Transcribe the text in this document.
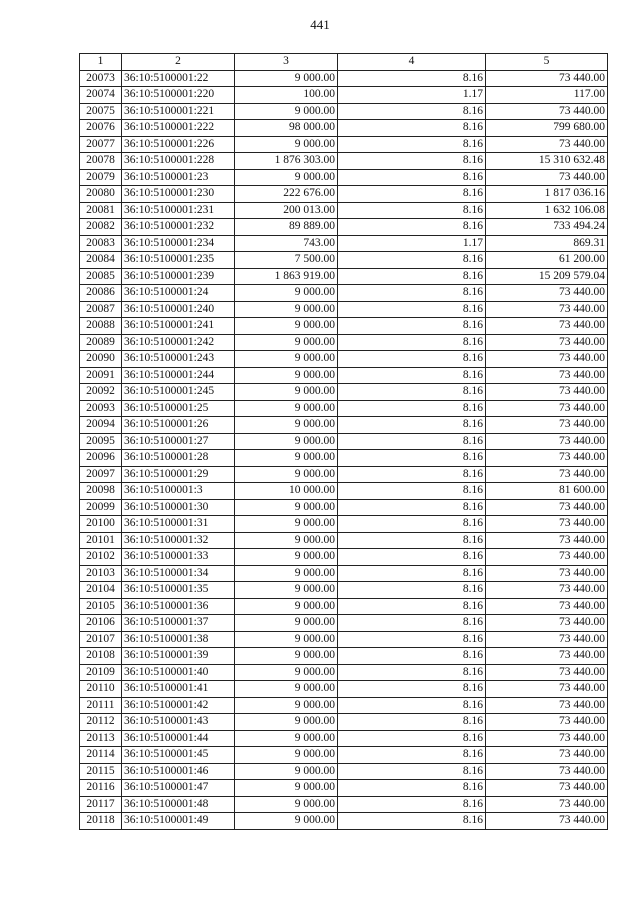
441
1	2	3	4	5
20073	36:10:5100001:22	9 000.00	8.16	73 440.00
20074	36:10:5100001:220	100.00	1.17	117.00
20075	36:10:5100001:221	9 000.00	8.16	73 440.00
20076	36:10:5100001:222	98 000.00	8.16	799 680.00
20077	36:10:5100001:226	9 000.00	8.16	73 440.00
20078	36:10:5100001:228	1 876 303.00	8.16	15 310 632.48
20079	36:10:5100001:23	9 000.00	8.16	73 440.00
20080	36:10:5100001:230	222 676.00	8.16	1 817 036.16
20081	36:10:5100001:231	200 013.00	8.16	1 632 106.08
20082	36:10:5100001:232	89 889.00	8.16	733 494.24
20083	36:10:5100001:234	743.00	1.17	869.31
20084	36:10:5100001:235	7 500.00	8.16	61 200.00
20085	36:10:5100001:239	1 863 919.00	8.16	15 209 579.04
20086	36:10:5100001:24	9 000.00	8.16	73 440.00
20087	36:10:5100001:240	9 000.00	8.16	73 440.00
20088	36:10:5100001:241	9 000.00	8.16	73 440.00
20089	36:10:5100001:242	9 000.00	8.16	73 440.00
20090	36:10:5100001:243	9 000.00	8.16	73 440.00
20091	36:10:5100001:244	9 000.00	8.16	73 440.00
20092	36:10:5100001:245	9 000.00	8.16	73 440.00
20093	36:10:5100001:25	9 000.00	8.16	73 440.00
20094	36:10:5100001:26	9 000.00	8.16	73 440.00
20095	36:10:5100001:27	9 000.00	8.16	73 440.00
20096	36:10:5100001:28	9 000.00	8.16	73 440.00
20097	36:10:5100001:29	9 000.00	8.16	73 440.00
20098	36:10:5100001:3	10 000.00	8.16	81 600.00
20099	36:10:5100001:30	9 000.00	8.16	73 440.00
20100	36:10:5100001:31	9 000.00	8.16	73 440.00
20101	36:10:5100001:32	9 000.00	8.16	73 440.00
20102	36:10:5100001:33	9 000.00	8.16	73 440.00
20103	36:10:5100001:34	9 000.00	8.16	73 440.00
20104	36:10:5100001:35	9 000.00	8.16	73 440.00
20105	36:10:5100001:36	9 000.00	8.16	73 440.00
20106	36:10:5100001:37	9 000.00	8.16	73 440.00
20107	36:10:5100001:38	9 000.00	8.16	73 440.00
20108	36:10:5100001:39	9 000.00	8.16	73 440.00
20109	36:10:5100001:40	9 000.00	8.16	73 440.00
20110	36:10:5100001:41	9 000.00	8.16	73 440.00
20111	36:10:5100001:42	9 000.00	8.16	73 440.00
20112	36:10:5100001:43	9 000.00	8.16	73 440.00
20113	36:10:5100001:44	9 000.00	8.16	73 440.00
20114	36:10:5100001:45	9 000.00	8.16	73 440.00
20115	36:10:5100001:46	9 000.00	8.16	73 440.00
20116	36:10:5100001:47	9 000.00	8.16	73 440.00
20117	36:10:5100001:48	9 000.00	8.16	73 440.00
20118	36:10:5100001:49	9 000.00	8.16	73 440.00
